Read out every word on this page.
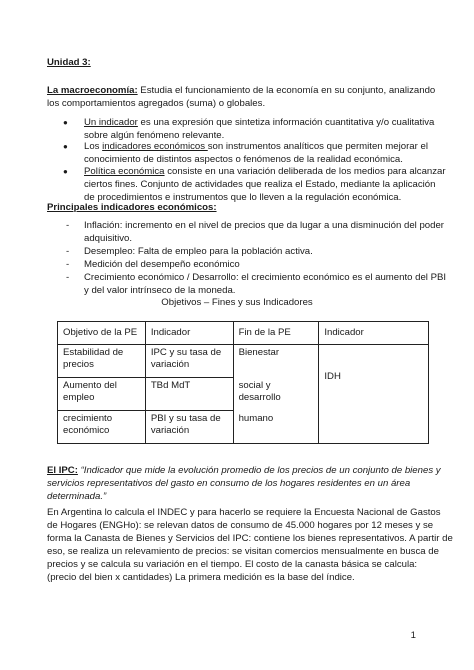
Unidad 3:
La macroeconomía: Estudia el funcionamiento de la economía en su conjunto, analizando
los comportamientos agregados (suma) o globales.
● Un indicador es una expresión que sintetiza información cuantitativa y/o cualitativa
sobre algún fenómeno relevante.
● Los indicadores económicos son instrumentos analíticos que permiten mejorar el
conocimiento de distintos aspectos o fenómenos de la realidad económica.
● Política económica consiste en una variación deliberada de los medios para alcanzar
ciertos fines. Conjunto de actividades que realiza el Estado, mediante la aplicación
de procedimientos e instrumentos que lo lleven a la regulación económica.
Principales indicadores económicos:
- Inflación: incremento en el nivel de precios que da lugar a una disminución del poder
adquisitivo.
- Desempleo: Falta de empleo para la población activa.
- Medición del desempeño económico
- Crecimiento económico / Desarrollo: el crecimiento económico es el aumento del PBI
y del valor intrínseco de la moneda.
Objetivos – Fines y sus Indicadores
Objetivo de la PE	Indicador	Fin de la PE	Indicador
Estabilidad de precios	IPC y su tasa de variación	Bienestar	IDH
Aumento del empleo	TBd MdT	social y desarrollo	
crecimiento económico	PBI y su tasa de variación	humano	
El IPC: “Indicador que mide la evolución promedio de los precios de un conjunto de bienes y
servicios representativos del gasto en consumo de los hogares residentes en un área
determinada.”
En Argentina lo calcula el INDEC y para hacerlo se requiere la Encuesta Nacional de Gastos
de Hogares (ENGHo): se relevan datos de consumo de 45.000 hogares por 12 meses y se
forma la Canasta de Bienes y Servicios del IPC: contiene los bienes representativos. A partir de
eso, se realiza un relevamiento de precios: se visitan comercios mensualmente en busca de
precios y se calcula su variación en el tiempo. El costo de la canasta básica se calcula:
(precio del bien x cantidades) La primera medición es la base del índice.
1
